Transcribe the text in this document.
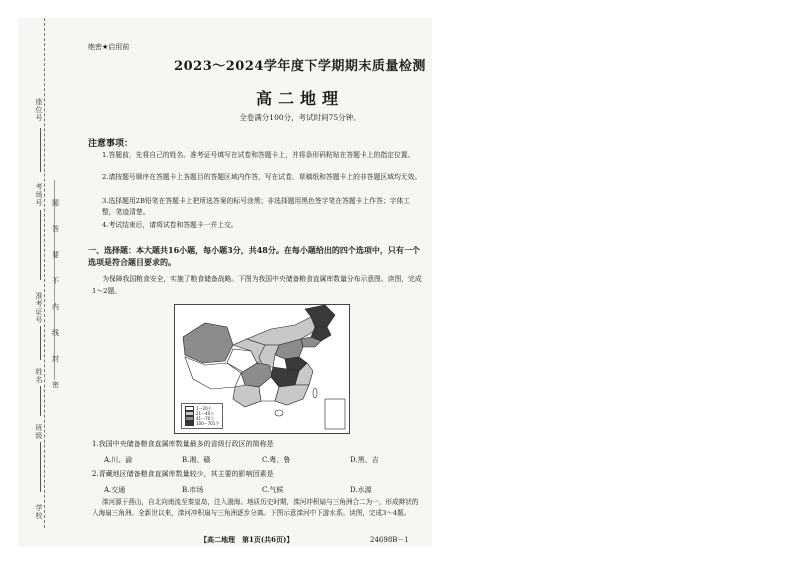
座位号
考场号
准考证号
姓名
班级
学校
题
答
要
不
内
线
封
密
绝密★启用前
2023～2024学年度下学期期末质量检测
高二地理
全卷满分100分，考试时间75分钟。
注意事项：
1.答题前，先将自己的姓名、准考证号填写在试卷和答题卡上，并将条形码粘贴在答题卡上的指定位置。
2.请按题号顺序在答题卡上各题目的答题区域内作答，写在试卷、草稿纸和答题卡上的非答题区域均无效。
3.选择题用2B铅笔在答题卡上把所选答案的标号涂黑；非选择题用黑色签字笔在答题卡上作答；字体工整，笔迹清楚。
4.考试结束后，请将试卷和答题卡一并上交。
一、选择题：本大题共16小题，每小题3分，共48分。在每小题给出的四个选项中，只有一个选项是符合题目要求的。
为保障我国粮食安全，实施了粮食储备战略。下图为我国中央储备粮食直属库数量分布示意图。读图，完成1～2题。
1～20个
21～40个
41～70个
100～701个
1.我国中央储备粮食直属库数量最多的省级行政区的简称是
A.川、渝	B.湘、赣	C.粤、鲁	D.黑、吉
2.青藏地区储备粮食直属库数量较少，其主要的影响因素是
A.交通	B.市场	C.气候	D.水源
滦河源于燕山，自北向南流至秦皇岛，注入渤海。地质历史时期，滦河冲积扇与三角洲合二为一，形成辫状的入海扇三角洲。全新世以来，滦河冲积扇与三角洲逐步分离。下图示意滦河中下游水系。读图，完成3～4题。
【高二地理　第1页(共6页)】	24698B－1
